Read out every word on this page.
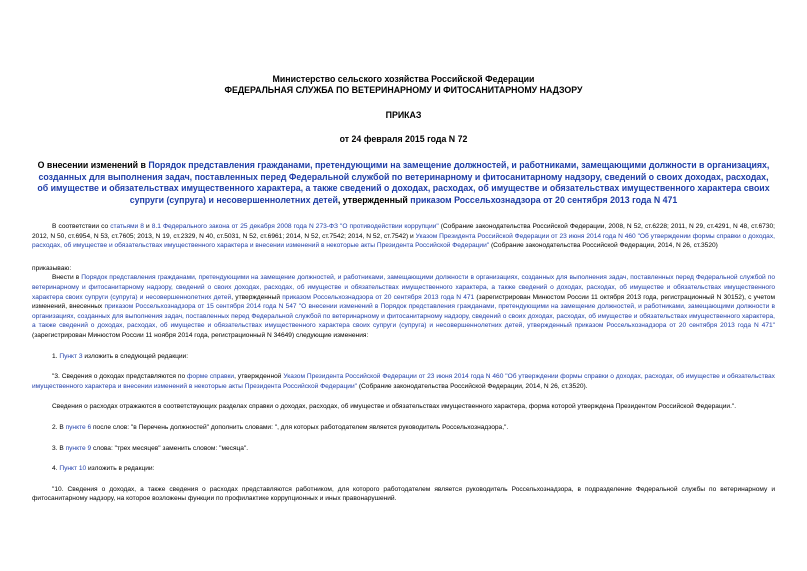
Министерство сельского хозяйства Российской Федерации
ФЕДЕРАЛЬНАЯ СЛУЖБА ПО ВЕТЕРИНАРНОМУ И ФИТОСАНИТАРНОМУ НАДЗОРУ
ПРИКАЗ
от 24 февраля 2015 года N 72
О внесении изменений в Порядок представления гражданами, претендующими на замещение должностей, и работниками, замещающими должности в организациях, созданных для выполнения задач, поставленных перед Федеральной службой по ветеринарному и фитосанитарному надзору, сведений о своих доходах, расходах, об имуществе и обязательствах имущественного характера, а также сведений о доходах, расходах, об имуществе и обязательствах имущественного характера своих супруги (супруга) и несовершеннолетних детей, утвержденный приказом Россельхознадзора от 20 сентября 2013 года N 471
В соответствии со статьями 8 и 8.1 Федерального закона от 25 декабря 2008 года N 273-ФЗ "О противодействии коррупции" (Собрание законодательства Российской Федерации, 2008, N 52, ст.6228; 2011, N 29, ст.4291, N 48, ст.6730; 2012, N 50, ст.6954, N 53, ст.7605; 2013, N 19, ст.2329, N 40, ст.5031, N 52, ст.6961; 2014, N 52, ст.7542; 2014, N 52, ст.7542) и Указом Президента Российской Федерации от 23 июня 2014 года N 460 "Об утверждении формы справки о доходах, расходах, об имуществе и обязательствах имущественного характера и внесении изменений в некоторые акты Президента Российской Федерации" (Собрание законодательства Российской Федерации, 2014, N 26, ст.3520)
приказываю:
Внести в Порядок представления гражданами, претендующими на замещение должностей, и работниками, замещающими должности в организациях, созданных для выполнения задач, поставленных перед Федеральной службой по ветеринарному и фитосанитарному надзору, сведений о своих доходах, расходах, об имуществе и обязательствах имущественного характера, а также сведений о доходах, расходах, об имуществе и обязательствах имущественного характера своих супруги (супруга) и несовершеннолетних детей, утвержденный приказом Россельхознадзора от 20 сентября 2013 года N 471 (зарегистрирован Минюстом России 11 октября 2013 года, регистрационный N 30152), с учетом изменений, внесенных приказом Россельхознадзора от 15 сентября 2014 года N 547 "О внесении изменений в Порядок представления гражданами, претендующими на замещение должностей, и работниками, замещающими должности в организациях, созданных для выполнения задач, поставленных перед Федеральной службой по ветеринарному и фитосанитарному надзору, сведений о своих доходах, расходах, об имуществе и обязательствах имущественного характера, а также сведений о доходах, расходах, об имуществе и обязательствах имущественного характера своих супруги (супруга) и несовершеннолетних детей, утвержденный приказом Россельхознадзора от 20 сентября 2013 года N 471" (зарегистрирован Минюстом России 11 ноября 2014 года, регистрационный N 34649) следующие изменения:
1. Пункт 3 изложить в следующей редакции:
"3. Сведения о доходах представляются по форме справки, утвержденной Указом Президента Российской Федерации от 23 июня 2014 года N 460 "Об утверждении формы справки о доходах, расходах, об имуществе и обязательствах имущественного характера и внесении изменений в некоторые акты Президента Российской Федерации" (Собрание законодательства Российской Федерации, 2014, N 26, ст.3520).
Сведения о расходах отражаются в соответствующих разделах справки о доходах, расходах, об имуществе и обязательствах имущественного характера, форма которой утверждена Президентом Российской Федерации.".
2. В пункте 6 после слов: "в Перечень должностей" дополнить словами: ", для которых работодателем является руководитель Россельхознадзора,".
3. В пункте 9 слова: "трех месяцев" заменить словом: "месяца".
4. Пункт 10 изложить в редакции:
"10. Сведения о доходах, а также сведения о расходах представляются работником, для которого работодателем является руководитель Россельхознадзора, в подразделение Федеральной службы по ветеринарному и фитосанитарному надзору, на которое возложены функции по профилактике коррупционных и иных правонарушений.
